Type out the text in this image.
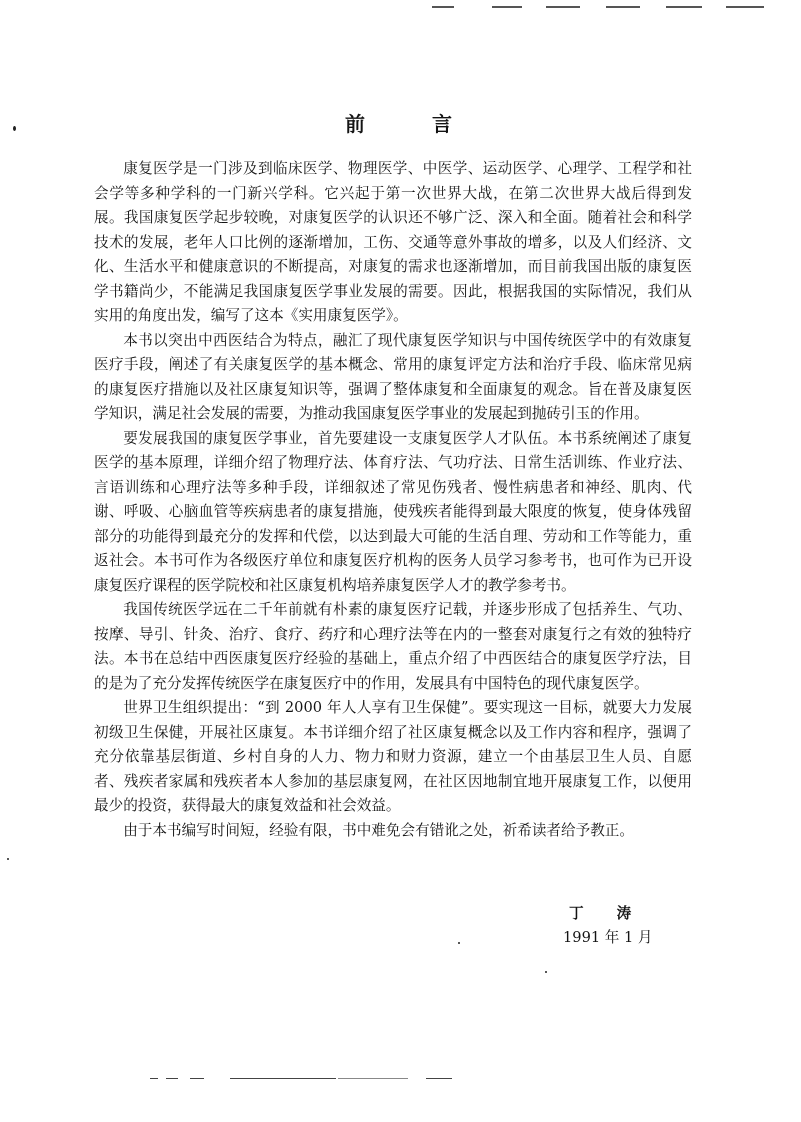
前 言

康复医学是一门涉及到临床医学、物理医学、中医学、运动医学、心理学、工程学和社会学等多种学科的一门新兴学科。它兴起于第一次世界大战，在第二次世界大战后得到发展。我国康复医学起步较晚，对康复医学的认识还不够广泛、深入和全面。随着社会和科学技术的发展，老年人口比例的逐渐增加，工伤、交通等意外事故的增多，以及人们经济、文化、生活水平和健康意识的不断提高，对康复的需求也逐渐增加，而目前我国出版的康复医学书籍尚少，不能满足我国康复医学事业发展的需要。因此，根据我国的实际情况，我们从实用的角度出发，编写了这本《实用康复医学》。

本书以突出中西医结合为特点，融汇了现代康复医学知识与中国传统医学中的有效康复医疗手段，阐述了有关康复医学的基本概念、常用的康复评定方法和治疗手段、临床常见病的康复医疗措施以及社区康复知识等，强调了整体康复和全面康复的观念。旨在普及康复医学知识，满足社会发展的需要，为推动我国康复医学事业的发展起到抛砖引玉的作用。

要发展我国的康复医学事业，首先要建设一支康复医学人才队伍。本书系统阐述了康复医学的基本原理，详细介绍了物理疗法、体育疗法、气功疗法、日常生活训练、作业疗法、言语训练和心理疗法等多种手段，详细叙述了常见伤残者、慢性病患者和神经、肌肉、代谢、呼吸、心脑血管等疾病患者的康复措施，使残疾者能得到最大限度的恢复，使身体残留部分的功能得到最充分的发挥和代偿，以达到最大可能的生活自理、劳动和工作等能力，重返社会。本书可作为各级医疗单位和康复医疗机构的医务人员学习参考书，也可作为已开设康复医疗课程的医学院校和社区康复机构培养康复医学人才的教学参考书。

我国传统医学远在二千年前就有朴素的康复医疗记载，并逐步形成了包括养生、气功、按摩、导引、针灸、治疗、食疗、药疗和心理疗法等在内的一整套对康复行之有效的独特疗法。本书在总结中西医康复医疗经验的基础上，重点介绍了中西医结合的康复医学疗法，目的是为了充分发挥传统医学在康复医疗中的作用，发展具有中国特色的现代康复医学。

世界卫生组织提出：“到 2000 年人人享有卫生保健”。要实现这一目标，就要大力发展初级卫生保健，开展社区康复。本书详细介绍了社区康复概念以及工作内容和程序，强调了充分依靠基层街道、乡村自身的人力、物力和财力资源，建立一个由基层卫生人员、自愿者、残疾者家属和残疾者本人参加的基层康复网，在社区因地制宜地开展康复工作，以便用最少的投资，获得最大的康复效益和社会效益。

由于本书编写时间短，经验有限，书中难免会有错讹之处，祈希读者给予教正。

丁 涛
1991 年 1 月
